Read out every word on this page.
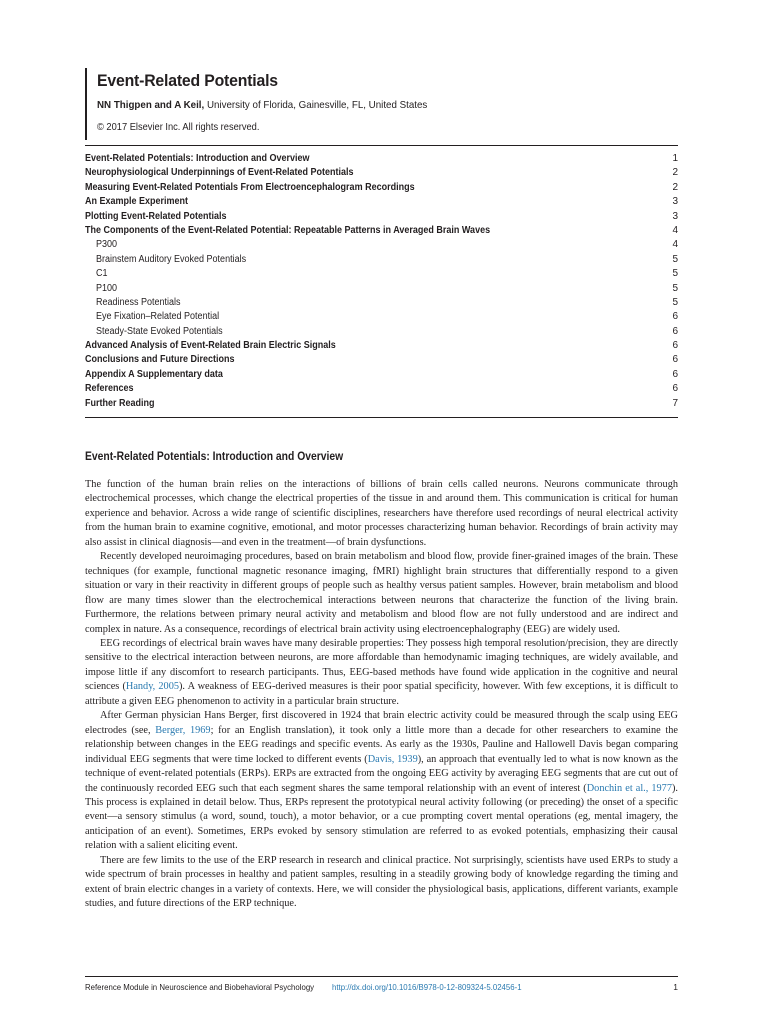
Event-Related Potentials
NN Thigpen and A Keil, University of Florida, Gainesville, FL, United States
© 2017 Elsevier Inc. All rights reserved.
Event-Related Potentials: Introduction and Overview	1
Neurophysiological Underpinnings of Event-Related Potentials	2
Measuring Event-Related Potentials From Electroencephalogram Recordings	2
An Example Experiment	3
Plotting Event-Related Potentials	3
The Components of the Event-Related Potential: Repeatable Patterns in Averaged Brain Waves	4
P300	4
Brainstem Auditory Evoked Potentials	5
C1	5
P100	5
Readiness Potentials	5
Eye Fixation–Related Potential	6
Steady-State Evoked Potentials	6
Advanced Analysis of Event-Related Brain Electric Signals	6
Conclusions and Future Directions	6
Appendix A Supplementary data	6
References	6
Further Reading	7
Event-Related Potentials: Introduction and Overview

The function of the human brain relies on the interactions of billions of brain cells called neurons. Neurons communicate through electrochemical processes, which change the electrical properties of the tissue in and around them. This communication is critical for human experience and behavior. Across a wide range of scientific disciplines, researchers have therefore used recordings of neural electrical activity from the human brain to examine cognitive, emotional, and motor processes characterizing human behavior. Recordings of brain activity may also assist in clinical diagnosis—and even in the treatment—of brain dysfunctions.

Recently developed neuroimaging procedures, based on brain metabolism and blood flow, provide finer-grained images of the brain. These techniques (for example, functional magnetic resonance imaging, fMRI) highlight brain structures that differentially respond to a given situation or vary in their reactivity in different groups of people such as healthy versus patient samples. However, brain metabolism and blood flow are many times slower than the electrochemical interactions between neurons that characterize the function of the living brain. Furthermore, the relations between primary neural activity and metabolism and blood flow are not fully understood and are indirect and complex in nature. As a consequence, recordings of electrical brain activity using electroencephalography (EEG) are widely used.

EEG recordings of electrical brain waves have many desirable properties: They possess high temporal resolution/precision, they are directly sensitive to the electrical interaction between neurons, are more affordable than hemodynamic imaging techniques, are widely available, and impose little if any discomfort to research participants. Thus, EEG-based methods have found wide application in the cognitive and neural sciences (Handy, 2005). A weakness of EEG-derived measures is their poor spatial specificity, however. With few exceptions, it is difficult to attribute a given EEG phenomenon to activity in a particular brain structure.

After German physician Hans Berger, first discovered in 1924 that brain electric activity could be measured through the scalp using EEG electrodes (see, Berger, 1969; for an English translation), it took only a little more than a decade for other researchers to examine the relationship between changes in the EEG readings and specific events. As early as the 1930s, Pauline and Hallowell Davis began comparing individual EEG segments that were time locked to different events (Davis, 1939), an approach that eventually led to what is now known as the technique of event-related potentials (ERPs). ERPs are extracted from the ongoing EEG activity by averaging EEG segments that are cut out of the continuously recorded EEG such that each segment shares the same temporal relationship with an event of interest (Donchin et al., 1977). This process is explained in detail below. Thus, ERPs represent the prototypical neural activity following (or preceding) the onset of a specific event—a sensory stimulus (a word, sound, touch), a motor behavior, or a cue prompting covert mental operations (eg, mental imagery, the anticipation of an event). Sometimes, ERPs evoked by sensory stimulation are referred to as evoked potentials, emphasizing their causal relation with a salient eliciting event.

There are few limits to the use of the ERP research in research and clinical practice. Not surprisingly, scientists have used ERPs to study a wide spectrum of brain processes in healthy and patient samples, resulting in a steadily growing body of knowledge regarding the timing and extent of brain electric changes in a variety of contexts. Here, we will consider the physiological basis, applications, different variants, example studies, and future directions of the ERP technique.

Reference Module in Neuroscience and Biobehavioral Psychology http://dx.doi.org/10.1016/B978-0-12-809324-5.02456-1	1
